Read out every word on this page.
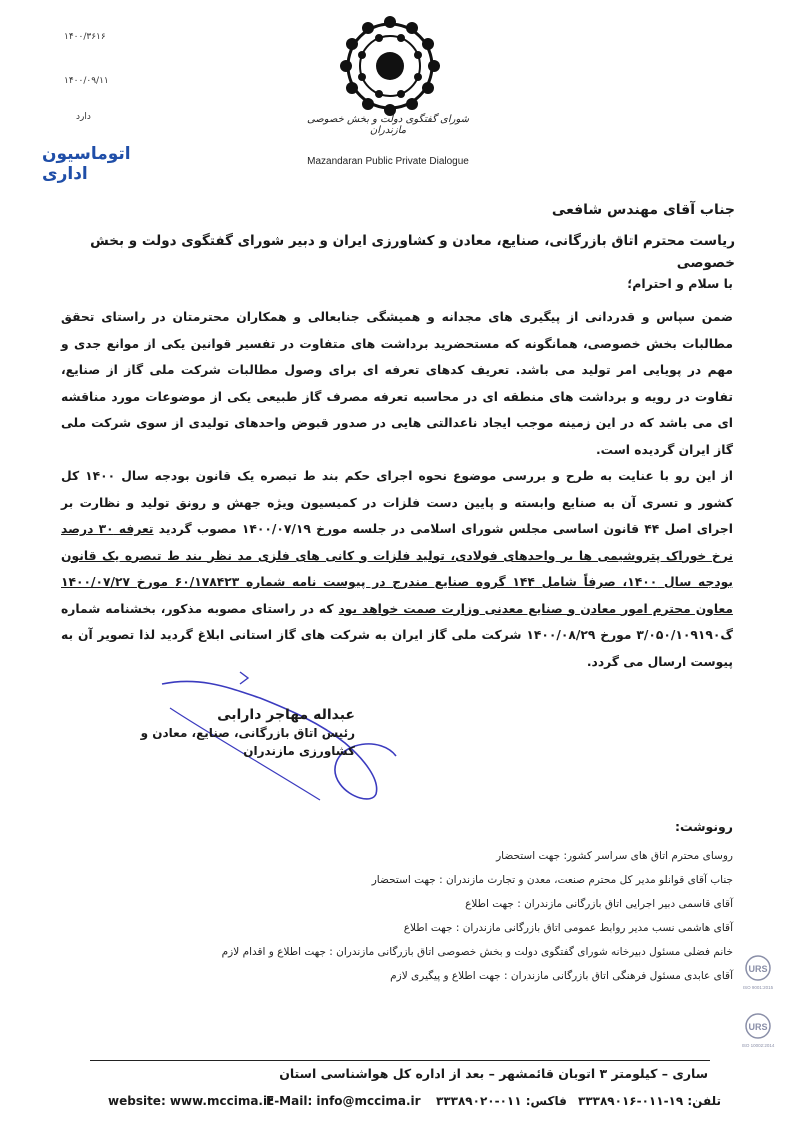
۱۴۰۰/۳۶۱۶
۱۴۰۰/۰۹/۱۱
دارد
اتوماسیون اداری
شورای گفتگوی دولت و بخش خصوصی مازندران
Mazandaran Public Private Dialogue
جناب آقای مهندس شافعی
ریاست محترم اتاق بازرگانی، صنایع، معادن و کشاورزی ایران و دبیر شورای گفتگوی دولت و بخش خصوصی
با سلام و احترام؛

ضمن سپاس و قدردانی از پیگیری های مجدانه و همیشگی جنابعالی و همکاران محترمتان در راستای تحقق مطالبات بخش خصوصی، همانگونه که مستحضرید برداشت های متفاوت در تفسیر قوانین یکی از موانع جدی و مهم در پویایی امر تولید می باشد. تعریف کدهای تعرفه ای برای وصول مطالبات شرکت ملی گاز از صنایع، تفاوت در رویه و برداشت های منطقه ای در محاسبه تعرفه مصرف گاز طبیعی یکی از موضوعات مورد مناقشه ای می باشد که در این زمینه موجب ایجاد ناعدالتی هایی در صدور قبوض واحدهای تولیدی از سوی شرکت ملی گاز ایران گردیده است.

از این رو با عنایت به طرح و بررسی موضوع نحوه اجرای حکم بند ط تبصره یک قانون بودجه سال ۱۴۰۰ کل کشور و تسری آن به صنایع وابسته و پایین دست فلزات در کمیسیون ویژه جهش و رونق تولید و نظارت بر اجرای اصل ۴۴ قانون اساسی مجلس شورای اسلامی در جلسه مورخ ۱۴۰۰/۰۷/۱۹ مصوب گردید تعرفه ۳۰ درصد نرخ خوراک پتروشیمی ها بر واحدهای فولادی، تولید فلزات و کانی های فلزی مد نظر بند ط تبصره یک قانون بودجه سال ۱۴۰۰، صرفاً شامل ۱۴۴ گروه صنایع مندرج در پیوست نامه شماره ۶۰/۱۷۸۴۲۳ مورخ ۱۴۰۰/۰۷/۲۷ معاون محترم امور معادن و صنایع معدنی وزارت صمت خواهد بود که در راستای مصوبه مذکور، بخشنامه شماره گ۳/۰۵۰/۱۰۹۱۹۰ مورخ ۱۴۰۰/۰۸/۲۹ شرکت ملی گاز ایران به شرکت های گاز استانی ابلاغ گردید لذا تصویر آن به پیوست ارسال می گردد.

عبداله مهاجر دارابی
رئیس اتاق بازرگانی، صنایع، معادن و کشاورزی مازندران
رونوشت:
روسای محترم اتاق های سراسر کشور: جهت استحضار
جناب آقای قوانلو مدیر کل محترم صنعت، معدن و تجارت مازندران : جهت استحضار
آقای قاسمی دبیر اجرایی اتاق بازرگانی مازندران : جهت اطلاع
آقای هاشمی نسب مدیر روابط عمومی اتاق بازرگانی مازندران : جهت اطلاع
خانم فضلی مسئول دبیرخانه شورای گفتگوی دولت و بخش خصوصی اتاق بازرگانی مازندران : جهت اطلاع و اقدام لازم
آقای عابدی مسئول فرهنگی اتاق بازرگانی مازندران : جهت اطلاع و پیگیری لازم
URS
ISO 9001:2015
URS
ISO 10002:2014
ساری – کیلومتر ۳ اتوبان قائمشهر – بعد از اداره کل هواشناسی استان
website: www.mccima.ir
E-Mail: info@mccima.ir فاکس: ۰۱۱-۳۳۳۸۹۰۲۰ تلفن: ۱۹-۰۱۱-۳۳۳۸۹۰۱۶
